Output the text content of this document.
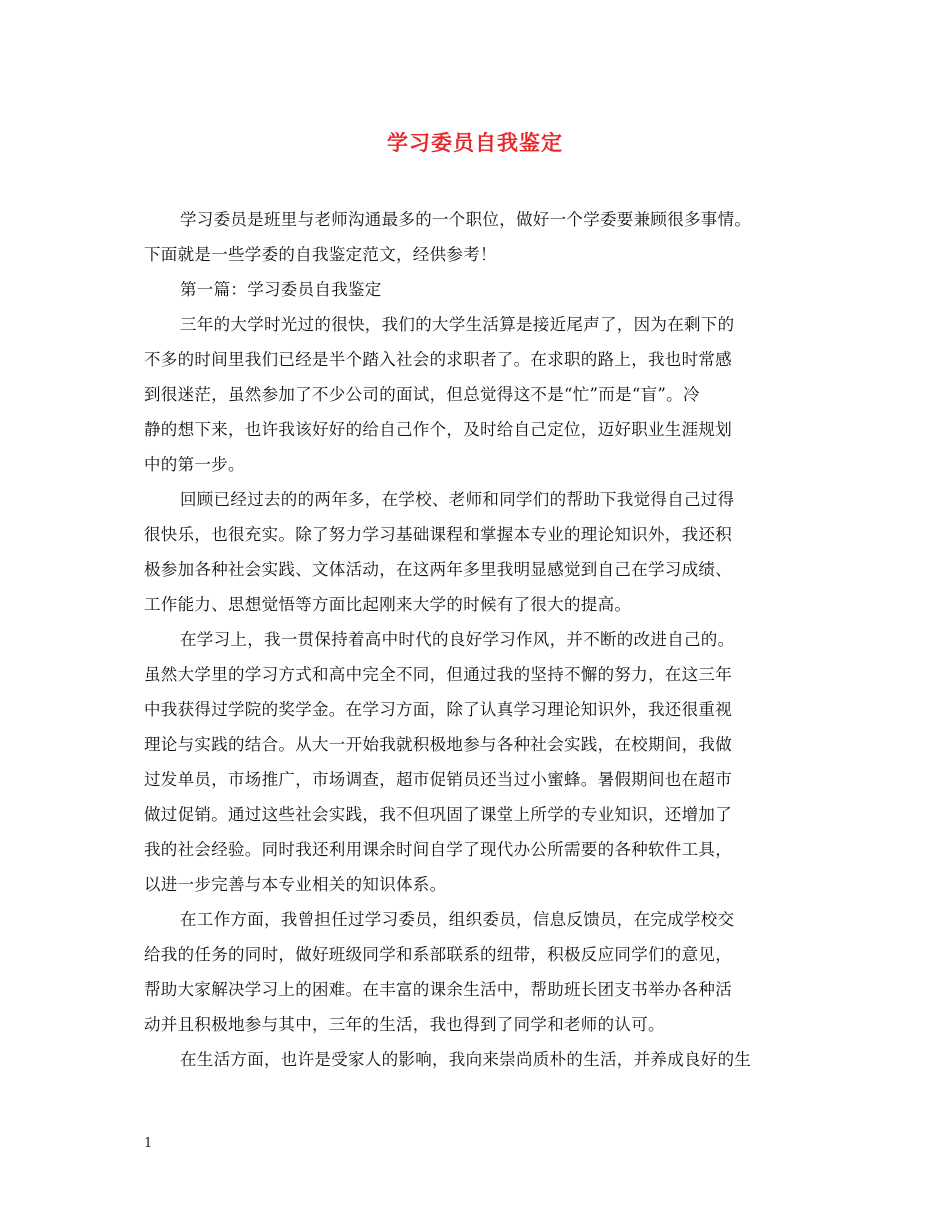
学习委员自我鉴定
学习委员是班里与老师沟通最多的一个职位，做好一个学委要兼顾很多事情。
下面就是一些学委的自我鉴定范文，经供参考！
第一篇：学习委员自我鉴定
三年的大学时光过的很快，我们的大学生活算是接近尾声了，因为在剩下的
不多的时间里我们已经是半个踏入社会的求职者了。在求职的路上，我也时常感
到很迷茫，虽然参加了不少公司的面试，但总觉得这不是“忙”而是“盲”。冷
静的想下来，也许我该好好的给自己作个，及时给自己定位，迈好职业生涯规划
中的第一步。
回顾已经过去的的两年多，在学校、老师和同学们的帮助下我觉得自己过得
很快乐，也很充实。除了努力学习基础课程和掌握本专业的理论知识外，我还积
极参加各种社会实践、文体活动，在这两年多里我明显感觉到自己在学习成绩、
工作能力、思想觉悟等方面比起刚来大学的时候有了很大的提高。
在学习上，我一贯保持着高中时代的良好学习作风，并不断的改进自己的。
虽然大学里的学习方式和高中完全不同，但通过我的坚持不懈的努力，在这三年
中我获得过学院的奖学金。在学习方面，除了认真学习理论知识外，我还很重视
理论与实践的结合。从大一开始我就积极地参与各种社会实践，在校期间，我做
过发单员，市场推广，市场调查，超市促销员还当过小蜜蜂。暑假期间也在超市
做过促销。通过这些社会实践，我不但巩固了课堂上所学的专业知识，还增加了
我的社会经验。同时我还利用课余时间自学了现代办公所需要的各种软件工具，
以进一步完善与本专业相关的知识体系。
在工作方面，我曾担任过学习委员，组织委员，信息反馈员，在完成学校交
给我的任务的同时，做好班级同学和系部联系的纽带，积极反应同学们的意见，
帮助大家解决学习上的困难。在丰富的课余生活中，帮助班长团支书举办各种活
动并且积极地参与其中，三年的生活，我也得到了同学和老师的认可。
在生活方面，也许是受家人的影响，我向来崇尚质朴的生活，并养成良好的生
1
